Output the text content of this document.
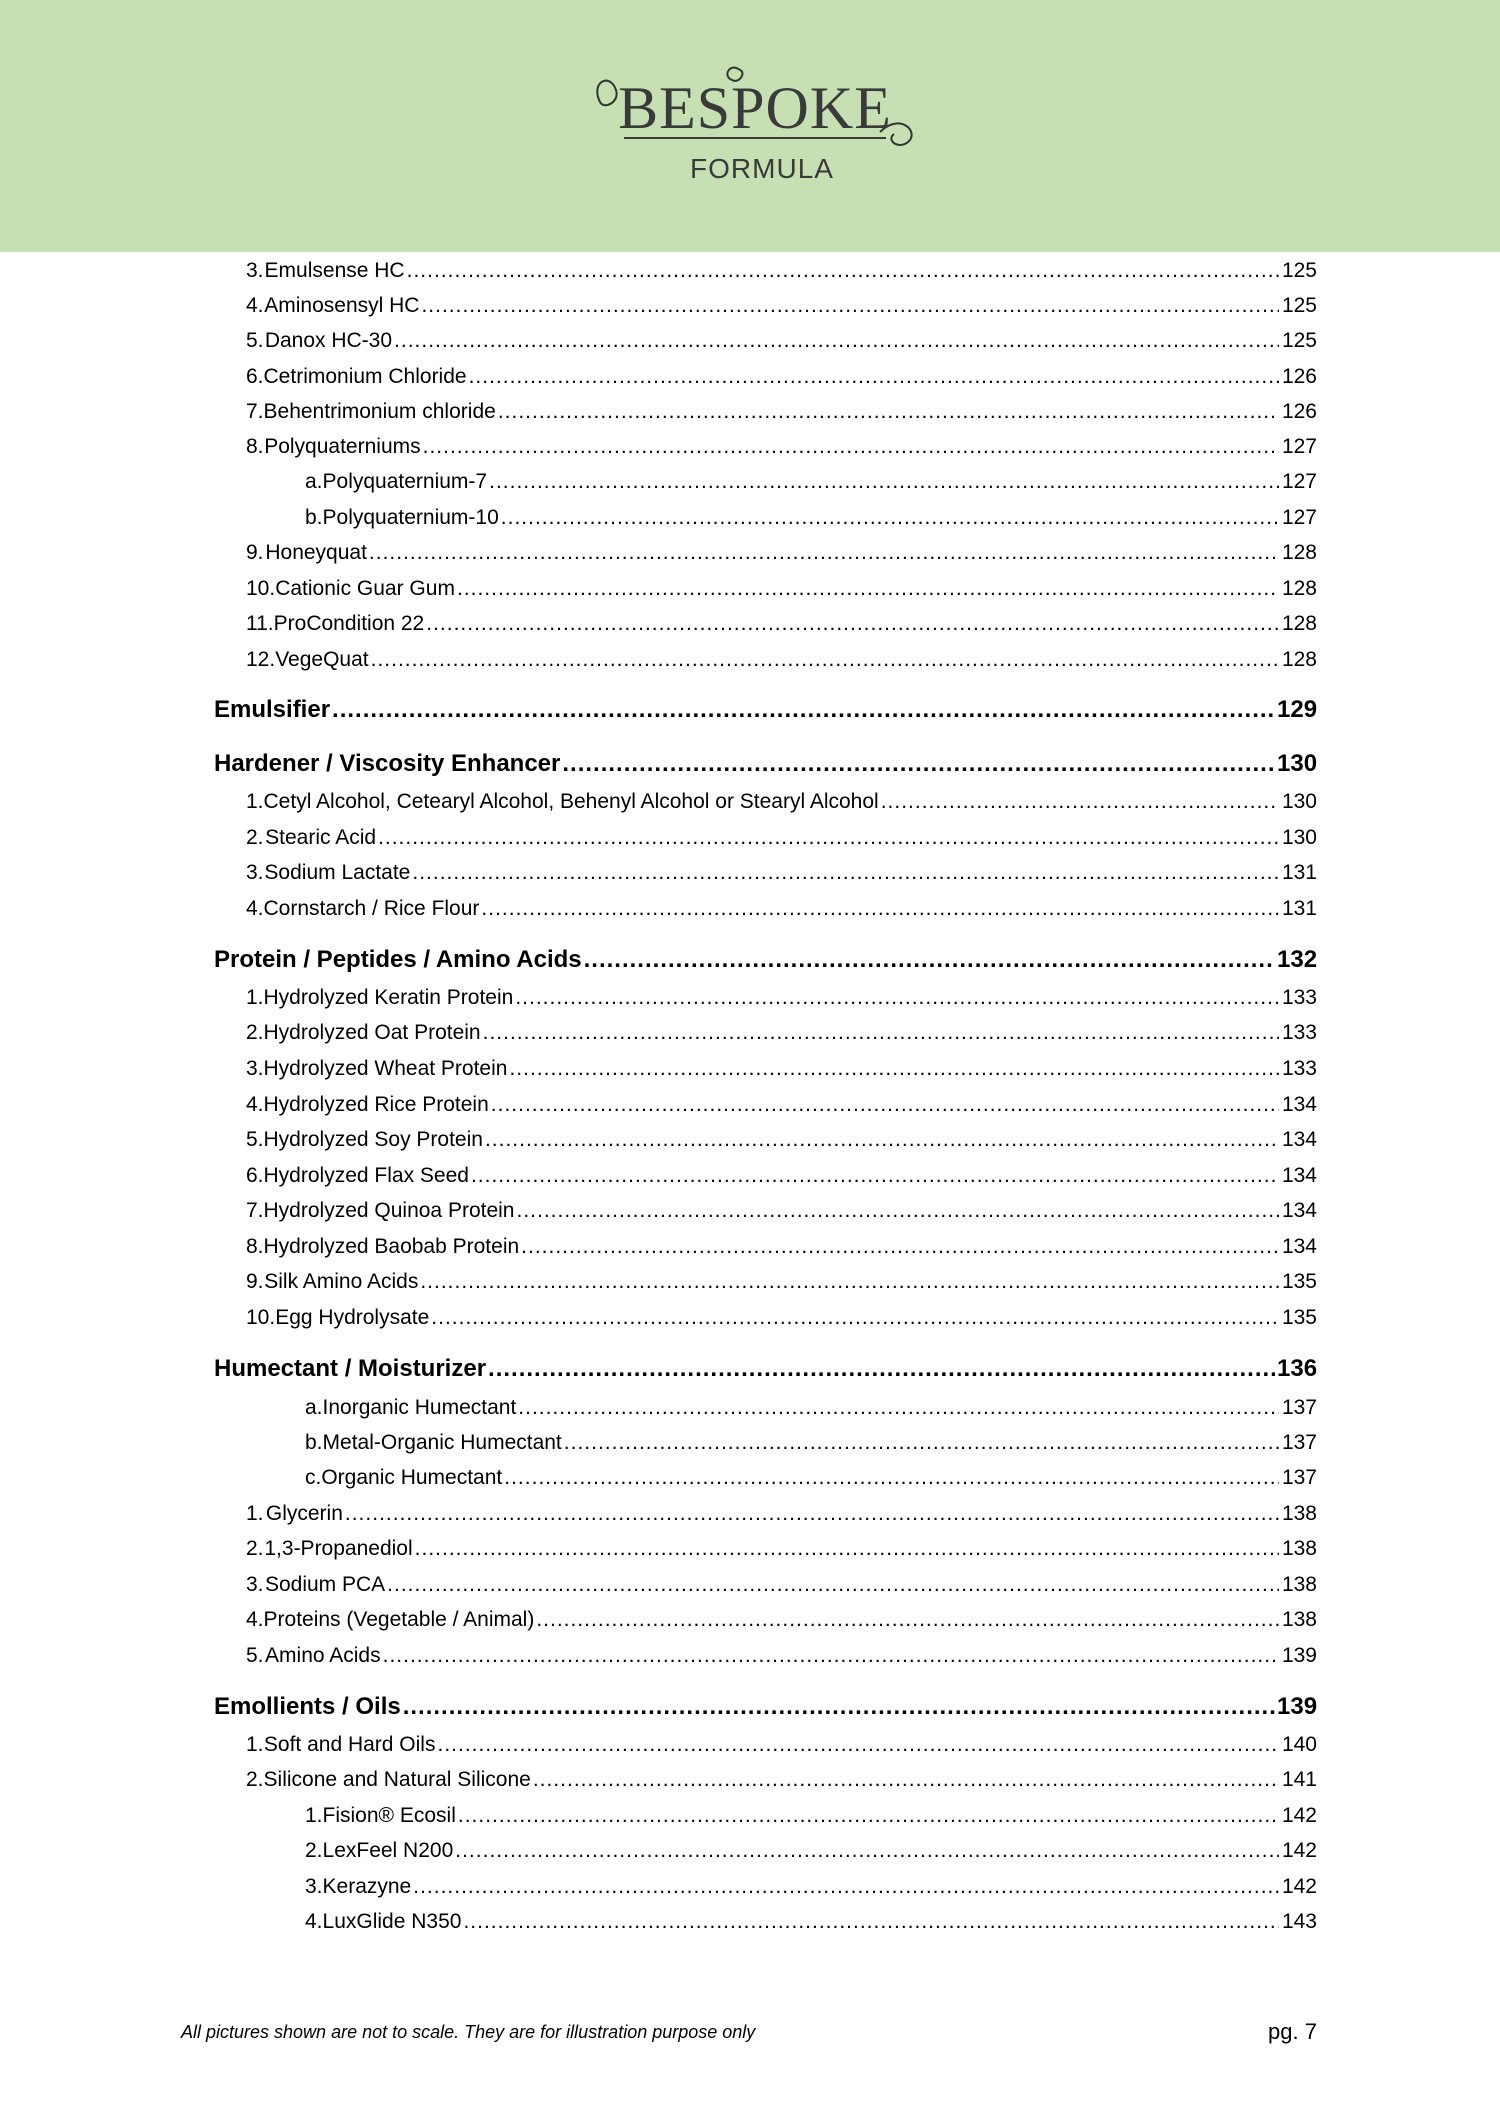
BESPOKE
FORMULA
3. Emulsense HC .....	125
4. Aminosensyl HC .....	125
5. Danox HC-30 .....	125
6. Cetrimonium Chloride .....	126
7. Behentrimonium chloride .....	126
8. Polyquaterniums .....	127
a. Polyquaternium-7 .....	127
b. Polyquaternium-10 .....	127
9. Honeyquat .....	128
10. Cationic Guar Gum .....	128
11. ProCondition 22 .....	128
12. VegeQuat .....	128
Emulsifier .....	129
Hardener / Viscosity Enhancer .....	130
1. Cetyl Alcohol, Cetearyl Alcohol, Behenyl Alcohol or Stearyl Alcohol .....	130
2. Stearic Acid .....	130
3. Sodium Lactate .....	131
4. Cornstarch / Rice Flour .....	131
Protein / Peptides / Amino Acids .....	132
1. Hydrolyzed Keratin Protein .....	133
2. Hydrolyzed Oat Protein .....	133
3. Hydrolyzed Wheat Protein .....	133
4. Hydrolyzed Rice Protein .....	134
5. Hydrolyzed Soy Protein .....	134
6. Hydrolyzed Flax Seed .....	134
7. Hydrolyzed Quinoa Protein .....	134
8. Hydrolyzed Baobab Protein .....	134
9. Silk Amino Acids .....	135
10. Egg Hydrolysate .....	135
Humectant / Moisturizer .....	136
a. Inorganic Humectant .....	137
b. Metal-Organic Humectant .....	137
c. Organic Humectant .....	137
1. Glycerin .....	138
2. 1,3-Propanediol .....	138
3. Sodium PCA .....	138
4. Proteins (Vegetable / Animal) .....	138
5. Amino Acids .....	139
Emollients / Oils .....	139
1. Soft and Hard Oils .....	140
2. Silicone and Natural Silicone .....	141
1. Fision® Ecosil .....	142
2. LexFeel N200 .....	142
3. Kerazyne .....	142
4. LuxGlide N350 .....	143
All pictures shown are not to scale. They are for illustration purpose only	pg. 7
